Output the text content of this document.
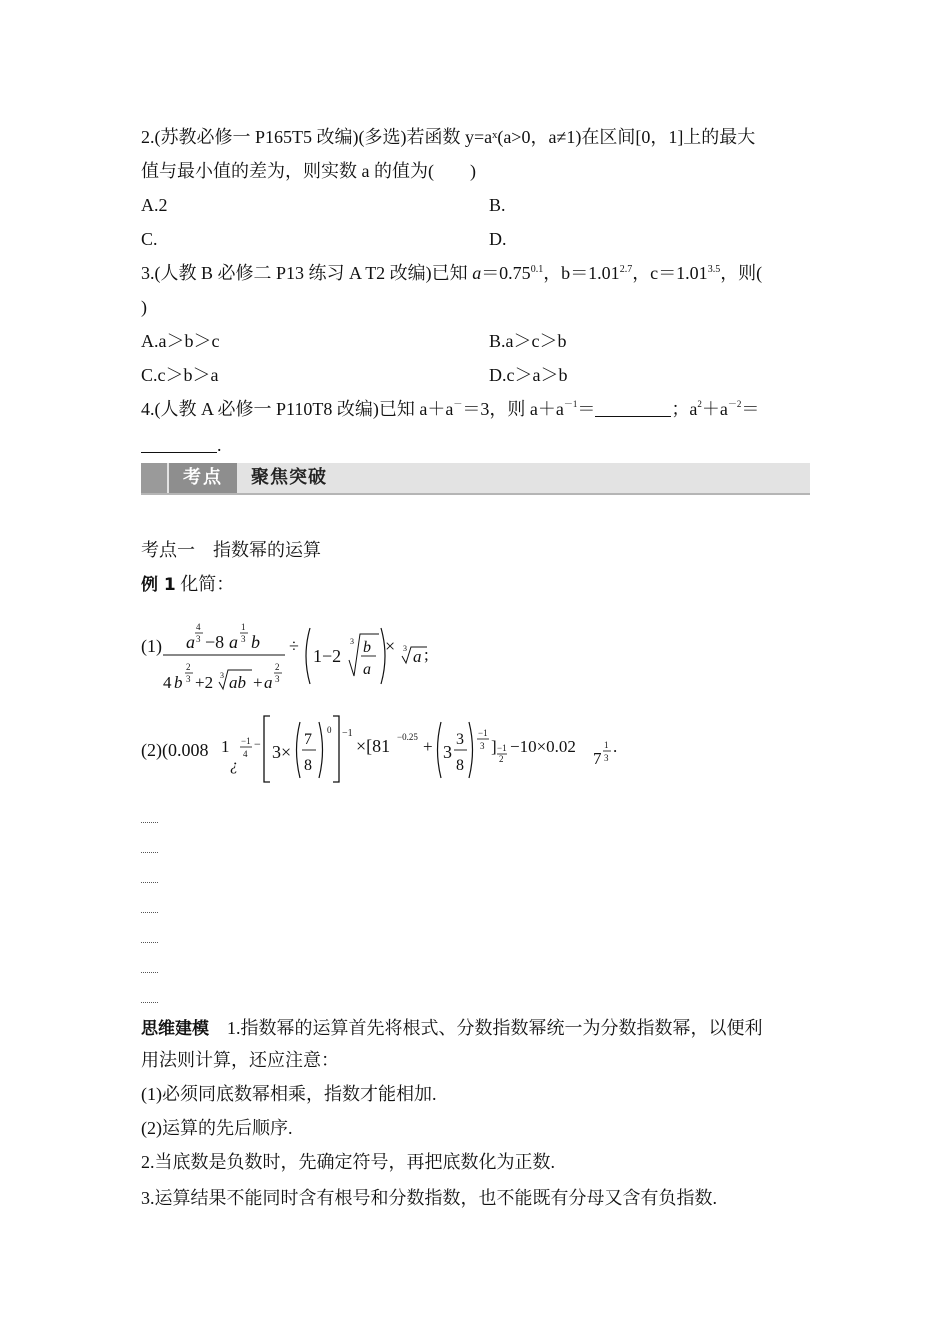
2.(苏教必修一 P165T5 改编)(多选)若函数 y=aˣ(a>0，a≠1)在区间[0，1]上的最大
值与最小值的差为，则实数 a 的值为(　　)
A.2	B.
C.	D.
3.(人教 B 必修二 P13 练习 A T2 改编)已知 $a=0.75^{0.1}$，$b=1.01^{2.7}$，$c=1.01^{3.5}$，则(
)
A.a＞b＞c	B.a＞c＞b
C.c＞b＞a	D.c＞a＞b
4.(人教 A 必修一 P110T8 改编)已知 a＋a－＝3，则 $a+a^{-1}=$	；$a^2+a^{-2}=$
.
考点	聚焦突破
考点一　指数幂的运算
例 1 化简：
(1) a
4
3 −8 a
1
3 b
4 b
2
3 +2 3 ab + a
2
3
÷ 1−2
3 b
a
× 3 a ;
1
¿
−1
4
− 3×
7
8
0 −1
×[81 −0.25 + 3
3
8
−1
3 ] −1
2
−10×0.02
7
1
3
.
(2)(0.008
思维建模　1.指数幂的运算首先将根式、分数指数幂统一为分数指数幂，以便利
用法则计算，还应注意：
(1)必须同底数幂相乘，指数才能相加.
(2)运算的先后顺序.
2.当底数是负数时，先确定符号，再把底数化为正数.
3.运算结果不能同时含有根号和分数指数，也不能既有分母又含有负指数.
